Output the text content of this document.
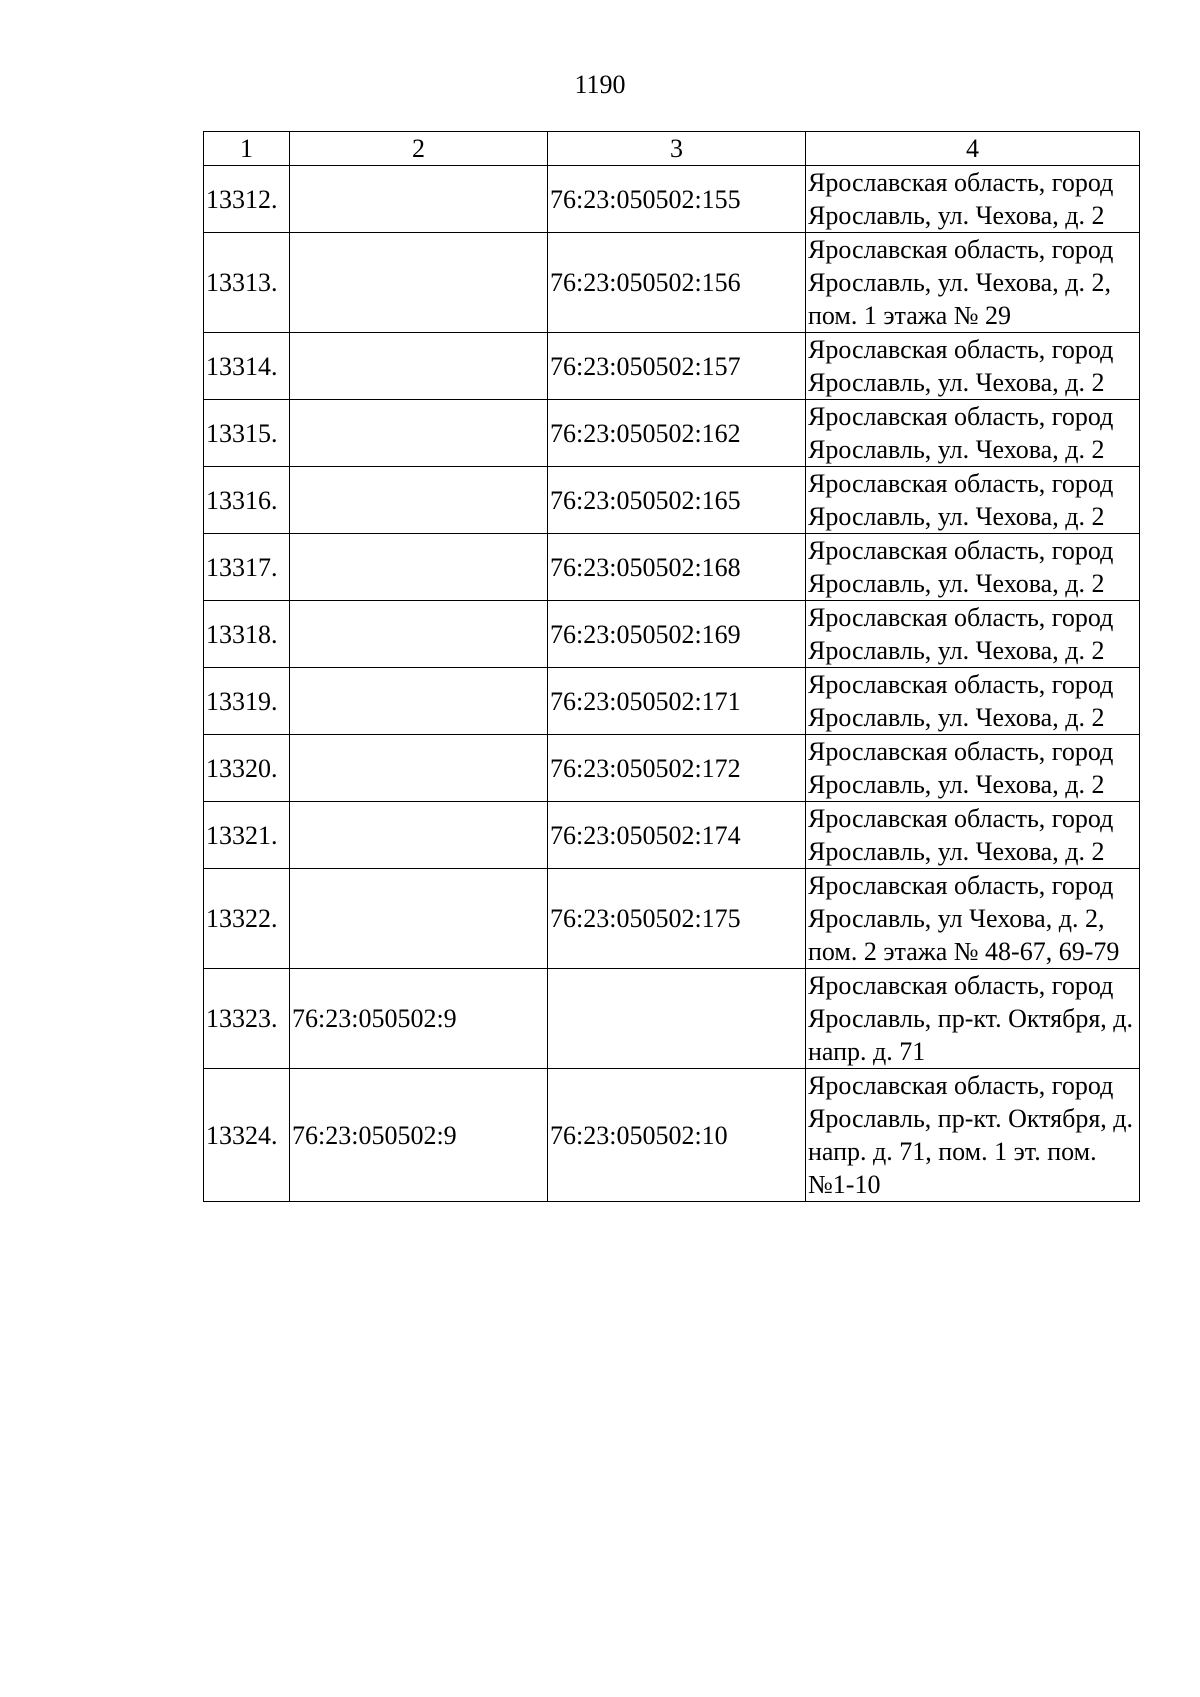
1190
1	2	3	4
13312.		76:23:050502:155	Ярославская область, город Ярославль, ул. Чехова, д. 2
13313.		76:23:050502:156	Ярославская область, город Ярославль, ул. Чехова, д. 2, пом. 1 этажа № 29
13314.		76:23:050502:157	Ярославская область, город Ярославль, ул. Чехова, д. 2
13315.		76:23:050502:162	Ярославская область, город Ярославль, ул. Чехова, д. 2
13316.		76:23:050502:165	Ярославская область, город Ярославль, ул. Чехова, д. 2
13317.		76:23:050502:168	Ярославская область, город Ярославль, ул. Чехова, д. 2
13318.		76:23:050502:169	Ярославская область, город Ярославль, ул. Чехова, д. 2
13319.		76:23:050502:171	Ярославская область, город Ярославль, ул. Чехова, д. 2
13320.		76:23:050502:172	Ярославская область, город Ярославль, ул. Чехова, д. 2
13321.		76:23:050502:174	Ярославская область, город Ярославль, ул. Чехова, д. 2
13322.		76:23:050502:175	Ярославская область, город Ярославль, ул Чехова, д. 2, пом. 2 этажа № 48-67, 69-79
13323.	76:23:050502:9		Ярославская область, город Ярославль, пр-кт. Октября, д. напр. д. 71
13324.	76:23:050502:9	76:23:050502:10	Ярославская область, город Ярославль, пр-кт. Октября, д. напр. д. 71, пом. 1 эт. пом. №1-10
